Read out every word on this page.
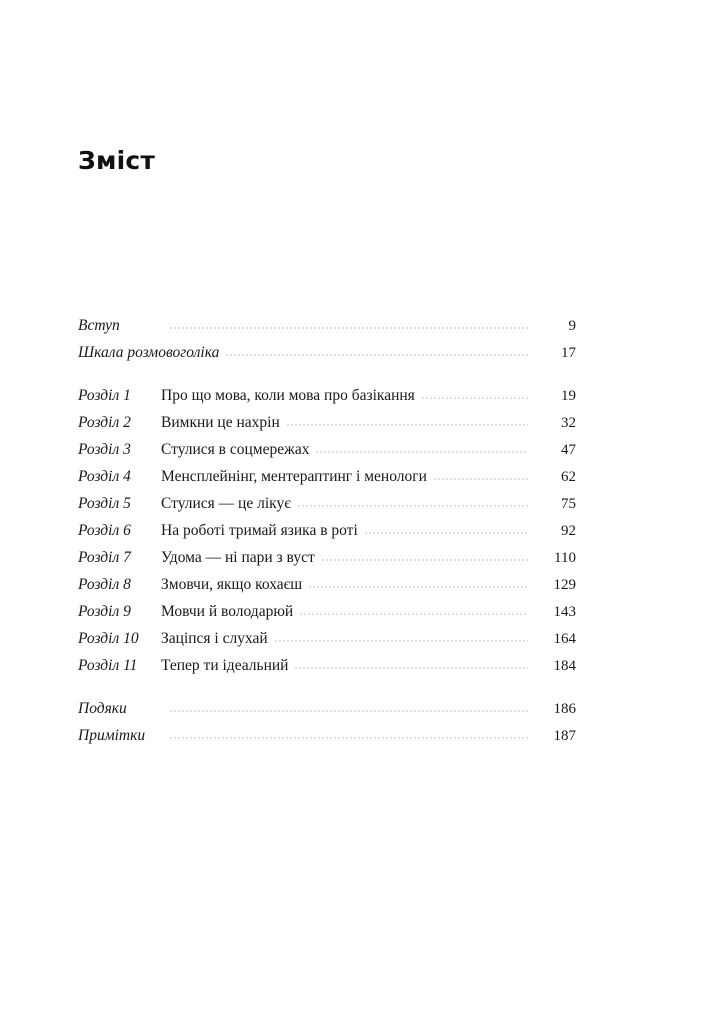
Зміст
Вступ	9
Шкала розмовоголіка	17
Розділ 1	Про що мова, коли мова про базікання	19
Розділ 2	Вимкни це нахрін	32
Розділ 3	Стулися в соцмережах	47
Розділ 4	Менсплейнінг, ментераптинг і менологи	62
Розділ 5	Стулися — це лікує	75
Розділ 6	На роботі тримай язика в роті	92
Розділ 7	Удома — ні пари з вуст	110
Розділ 8	Змовчи, якщо кохаєш	129
Розділ 9	Мовчи й володарюй	143
Розділ 10	Заціпся і слухай	164
Розділ 11	Тепер ти ідеальний	184
Подяки	186
Примітки	187
